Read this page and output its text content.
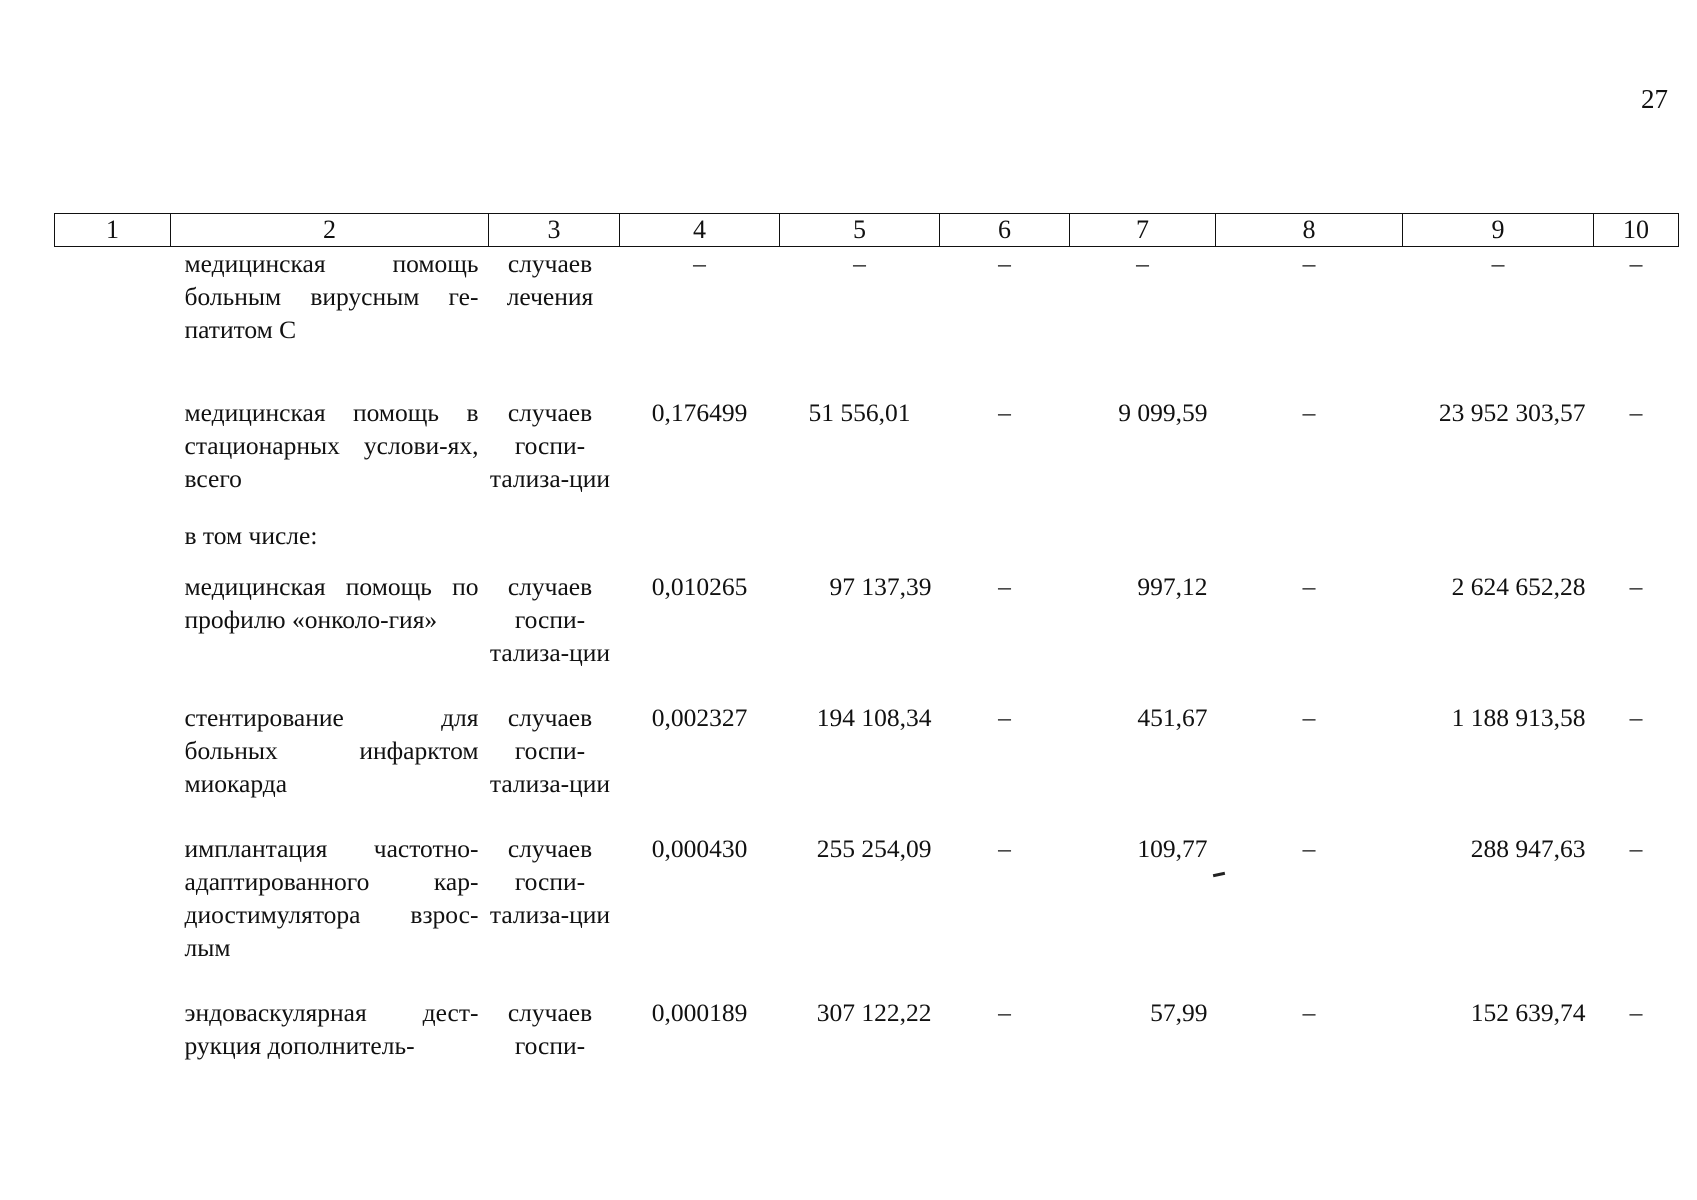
27
1	2	3	4	5	6	7	8	9	10
	медицинская помощь больным вирусным ге-патитом С	случаев лечения	–	–	–	–	–	–	–
	медицинская помощь в стационарных услови-ях, всего	случаев госпи-тализа-ции	0,176499	51 556,01	–	9 099,59	–	23 952 303,57	–
	в том числе:								
	медицинская помощь по профилю «онколо-гия»	случаев госпи-тализа-ции	0,010265	97 137,39	–	997,12	–	2 624 652,28	–
	стентирование для больных инфарктом миокарда	случаев госпи-тализа-ции	0,002327	194 108,34	–	451,67	–	1 188 913,58	–
	имплантация частотно-адаптированного кар-диостимулятора взрос-лым	случаев госпи-тализа-ции	0,000430	255 254,09	–	109,77	–	288 947,63	–
	эндоваскулярная дест-рукция дополнитель-	случаев госпи-	0,000189	307 122,22	–	57,99	–	152 639,74	–
